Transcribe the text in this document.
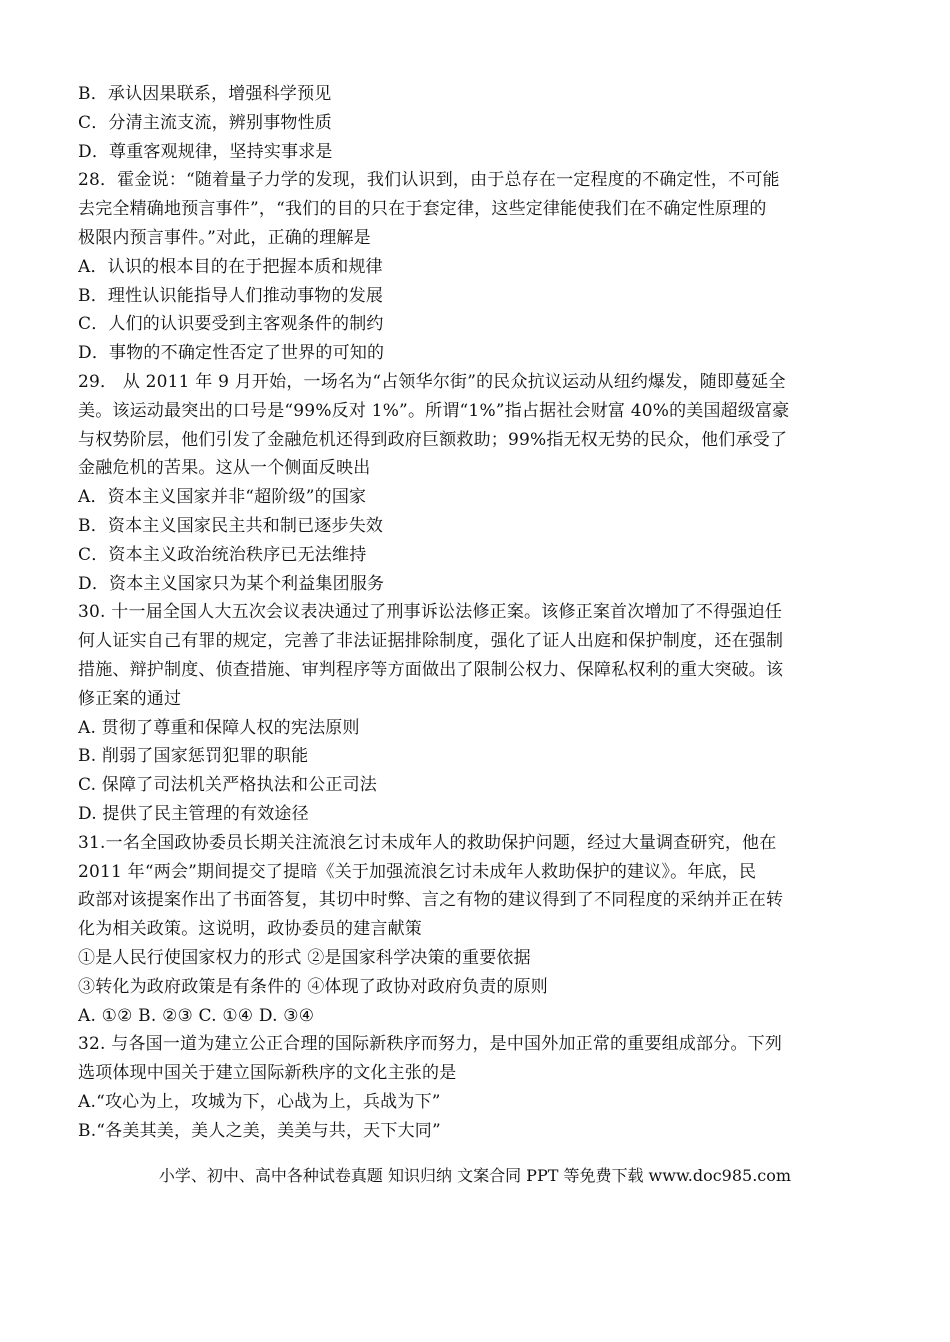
B．承认因果联系，增强科学预见
C．分清主流支流，辨别事物性质
D．尊重客观规律，坚持实事求是
28．霍金说：“随着量子力学的发现，我们认识到，由于总存在一定程度的不确定性，不可能
去完全精确地预言事件”，“我们的目的只在于套定律，这些定律能使我们在不确定性原理的
极限内预言事件。”对此，正确的理解是
A．认识的根本目的在于把握本质和规律
B．理性认识能指导人们推动事物的发展
C．人们的认识要受到主客观条件的制约
D．事物的不确定性否定了世界的可知的
29． 从 2011 年 9 月开始，一场名为“占领华尔街”的民众抗议运动从纽约爆发，随即蔓延全
美。该运动最突出的口号是“99%反对 1%”。所谓“1%”指占据社会财富 40%的美国超级富豪
与权势阶层，他们引发了金融危机还得到政府巨额救助；99%指无权无势的民众，他们承受了
金融危机的苦果。这从一个侧面反映出
A．资本主义国家并非“超阶级”的国家
B．资本主义国家民主共和制已逐步失效
C．资本主义政治统治秩序已无法维持
D．资本主义国家只为某个利益集团服务
30. 十一届全国人大五次会议表决通过了刑事诉讼法修正案。该修正案首次增加了不得强迫任
何人证实自己有罪的规定，完善了非法证据排除制度，强化了证人出庭和保护制度，还在强制
措施、辩护制度、侦查措施、审判程序等方面做出了限制公权力、保障私权利的重大突破。该
修正案的通过
A. 贯彻了尊重和保障人权的宪法原则
B. 削弱了国家惩罚犯罪的职能
C. 保障了司法机关严格执法和公正司法
D. 提供了民主管理的有效途径
31.一名全国政协委员长期关注流浪乞讨未成年人的救助保护问题，经过大量调查研究，他在
2011 年“两会”期间提交了提暗《关于加强流浪乞讨未成年人救助保护的建议》。年底，民
政部对该提案作出了书面答复，其切中时弊、言之有物的建议得到了不同程度的采纳并正在转
化为相关政策。这说明，政协委员的建言献策
①是人民行使国家权力的形式 ②是国家科学决策的重要依据
③转化为政府政策是有条件的 ④体现了政协对政府负责的原则
A. ①② B. ②③ C. ①④ D. ③④
32. 与各国一道为建立公正合理的国际新秩序而努力，是中国外加正常的重要组成部分。下列
选项体现中国关于建立国际新秩序的文化主张的是
A.“攻心为上，攻城为下，心战为上，兵战为下”
B.“各美其美，美人之美，美美与共，天下大同”
小学、初中、高中各种试卷真题 知识归纳 文案合同 PPT 等免费下载 www.doc985.com
